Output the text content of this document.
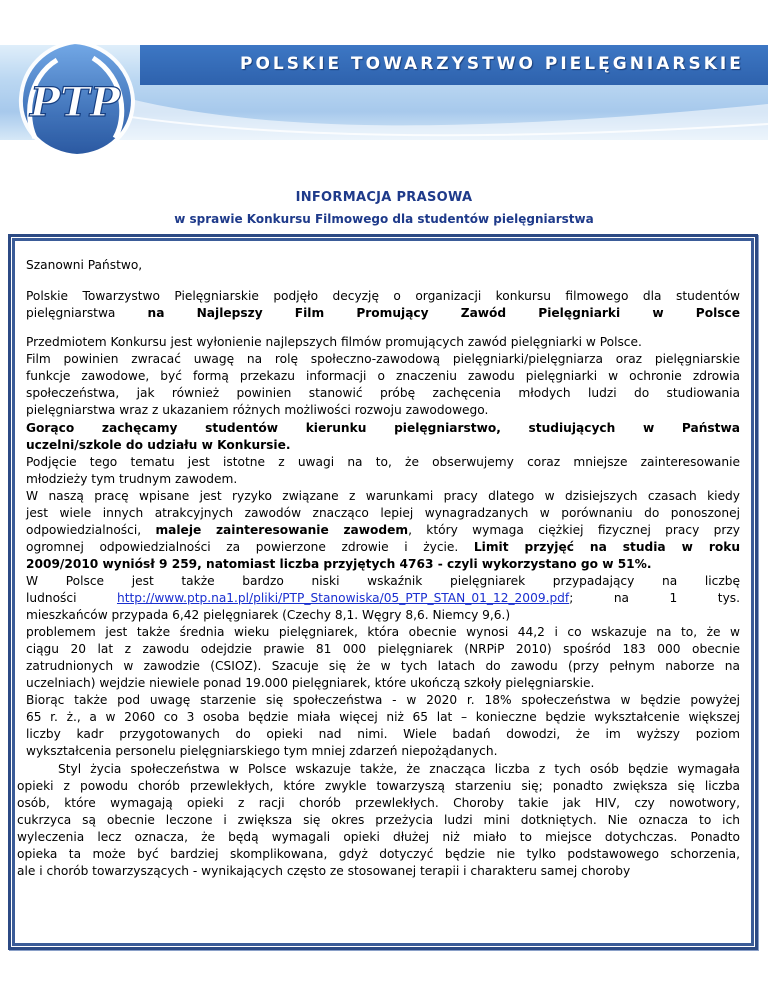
POLSKIE TOWARZYSTWO PIELĘGNIARSKIE
PTP
INFORMACJA PRASOWA
w sprawie Konkursu Filmowego dla studentów pielęgniarstwa
Szanowni Państwo,
Polskie Towarzystwo Pielęgniarskie podjęło decyzję o organizacji konkursu filmowego dla studentów
pielęgniarstwa	na	Najlepszy	Film	Promujący	Zawód	Pielęgniarki	w	Polsce
Przedmiotem Konkursu jest wyłonienie najlepszych filmów promujących zawód pielęgniarki w Polsce.
Film powinien zwracać uwagę na rolę społeczno-zawodową pielęgniarki/pielęgniarza oraz pielęgniarskie
funkcje zawodowe, być formą przekazu informacji o znaczeniu zawodu pielęgniarki w ochronie zdrowia
społeczeństwa, jak również powinien stanowić próbę zachęcenia młodych ludzi do studiowania
pielęgniarstwa wraz z ukazaniem różnych możliwości rozwoju zawodowego.
Gorąco zachęcamy studentów kierunku pielęgniarstwo, studiujących w Państwa
uczelni/szkole do udziału w Konkursie.
Podjęcie tego tematu jest istotne z uwagi na to, że obserwujemy coraz mniejsze zainteresowanie
młodzieży tym trudnym zawodem.
W naszą pracę wpisane jest ryzyko związane z warunkami pracy dlatego w dzisiejszych czasach kiedy
jest wiele innych atrakcyjnych zawodów znacząco lepiej wynagradzanych w porównaniu do ponoszonej
odpowiedzialności, maleje zainteresowanie zawodem, który wymaga ciężkiej fizycznej pracy przy
ogromnej odpowiedzialności za powierzone zdrowie i życie. Limit przyjęć na studia w roku
2009/2010 wyniósł 9 259, natomiast liczba przyjętych 4763 - czyli wykorzystano go w 51%.
W Polsce jest także bardzo niski wskaźnik pielęgniarek przypadający na liczbę
ludności	http://www.ptp.na1.pl/pliki/PTP_Stanowiska/05_PTP_STAN_01_12_2009.pdf; na 1 tys.
mieszkańców przypada 6,42 pielęgniarek (Czechy 8,1. Węgry 8,6. Niemcy 9,6.)
problemem jest także średnia wieku pielęgniarek, która obecnie wynosi 44,2 i co wskazuje na to, że w
ciągu 20 lat z zawodu odejdzie prawie 81 000 pielęgniarek (NRPiP 2010) spośród 183 000 obecnie
zatrudnionych w zawodzie (CSIOZ). Szacuje się że w tych latach do zawodu (przy pełnym naborze na
uczelniach) wejdzie niewiele ponad 19.000 pielęgniarek, które ukończą szkoły pielęgniarskie.
Biorąc także pod uwagę starzenie się społeczeństwa - w 2020 r. 18% społeczeństwa w będzie powyżej
65 r. ż., a w 2060 co 3 osoba będzie miała więcej niż 65 lat – konieczne będzie wykształcenie większej
liczby kadr przygotowanych do opieki nad nimi. Wiele badań dowodzi, że im wyższy poziom
wykształcenia personelu pielęgniarskiego tym mniej zdarzeń niepożądanych.
Styl życia społeczeństwa w Polsce wskazuje także, że znacząca liczba z tych osób będzie wymagała
opieki z powodu chorób przewlekłych, które zwykle towarzyszą starzeniu się; ponadto zwiększa się liczba
osób, które wymagają opieki z racji chorób przewlekłych. Choroby takie jak HIV, czy nowotwory,
cukrzyca są obecnie leczone i zwiększa się okres przeżycia ludzi mini dotkniętych. Nie oznacza to ich
wyleczenia lecz oznacza, że będą wymagali opieki dłużej niż miało to miejsce dotychczas. Ponadto
opieka ta może być bardziej skomplikowana, gdyż dotyczyć będzie nie tylko podstawowego schorzenia,
ale i chorób towarzyszących - wynikających często ze stosowanej terapii i charakteru samej choroby
